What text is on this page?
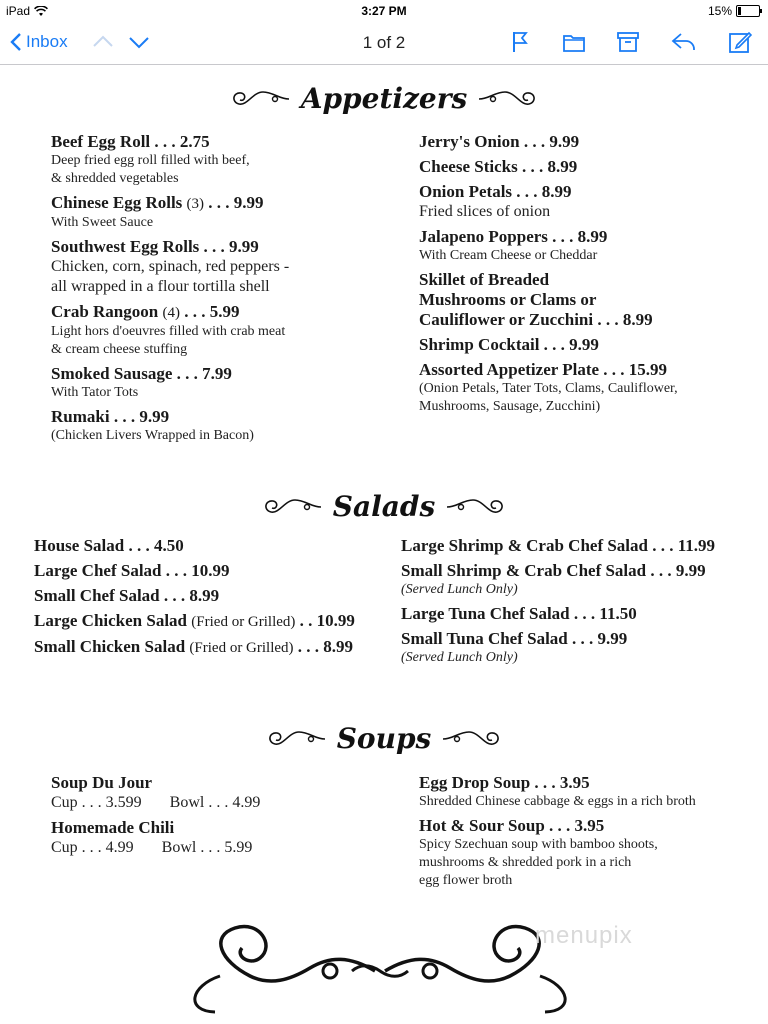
iPad	3:27 PM	15%
Inbox	1 of 2
Appetizers
Beef Egg Roll . . . 2.75
Deep fried egg roll filled with beef,
& shredded vegetables
Chinese Egg Rolls (3) . . . 9.99
With Sweet Sauce
Southwest Egg Rolls . . . 9.99
Chicken, corn, spinach, red peppers -
all wrapped in a flour tortilla shell
Crab Rangoon (4) . . . 5.99
Light hors d'oeuvres filled with crab meat
& cream cheese stuffing
Smoked Sausage . . . 7.99
With Tator Tots
Rumaki . . . 9.99
(Chicken Livers Wrapped in Bacon)
Jerry's Onion . . . 9.99
Cheese Sticks . . . 8.99
Onion Petals . . . 8.99
Fried slices of onion
Jalapeno Poppers . . . 8.99
With Cream Cheese or Cheddar
Skillet of Breaded
Mushrooms or Clams or
Cauliflower or Zucchini . . . 8.99
Shrimp Cocktail . . . 9.99
Assorted Appetizer Plate . . . 15.99
(Onion Petals, Tater Tots, Clams, Cauliflower,
Mushrooms, Sausage, Zucchini)
Salads
House Salad . . . 4.50
Large Chef Salad . . . 10.99
Small Chef Salad . . . 8.99
Large Chicken Salad (Fried or Grilled) . . 10.99
Small Chicken Salad (Fried or Grilled) . . . 8.99
Large Shrimp & Crab Chef Salad . . . 11.99
Small Shrimp & Crab Chef Salad . . . 9.99
(Served Lunch Only)
Large Tuna Chef Salad . . . 11.50
Small Tuna Chef Salad . . . 9.99
(Served Lunch Only)
Soups
Soup Du Jour
Cup . . . 3.599 Bowl . . . 4.99
Homemade Chili
Cup . . . 4.99 Bowl . . . 5.99
Egg Drop Soup . . . 3.95
Shredded Chinese cabbage & eggs in a rich broth
Hot & Sour Soup . . . 3.95
Spicy Szechuan soup with bamboo shoots,
mushrooms & shredded pork in a rich
egg flower broth
menupix
